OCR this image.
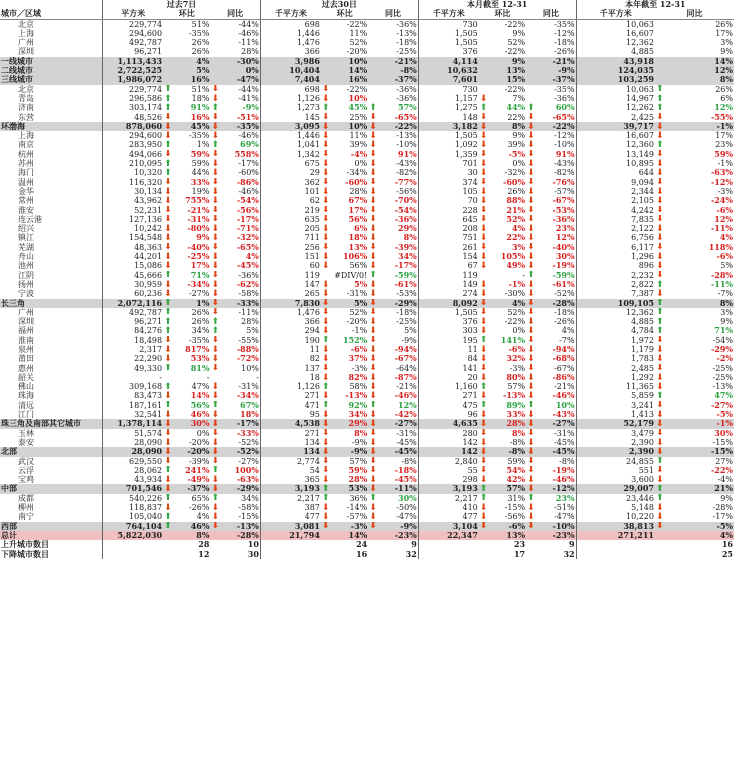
	过去7日			过去30日			本月截至 12-31			本年截至 12-31	
城市／区域	平方米	环比	同比	千平方米	环比	同比	千平方米	环比	同比	千平方米	同比
北京	229,774	51%	-44%	698	-22%	-36%	730	-22%	-35%	10,063	26%

上海	294,600	-35%	-46%	1,446	11%	-13%	1,505	9%	-12%	16,607	17%

广州	492,787	26%	-11%	1,476	52%	-18%	1,505	52%	-18%	12,362	3%

深圳	96,271	26%	28%	366	-20%	-25%	376	-22%	-26%	4,885	9%

一线城市	1,113,433	4%	-30%	3,986	10%	-21%	4,114	9%	-21%	43,918	14%

二线城市	2,722,525	5%	0%	10,404	14%	-8%	10,632	13%	-9%	124,035	12%

三线城市	1,986,072	16%	-47%	7,404	16%	-37%	7,601	15%	-37%	103,259	8%

北京	229,774	⬆ 51%	⬇ -44%	698	⬇ -22%	-36%	730	-22%	-35%	10,063	⬆ 26%

青岛	296,586	⬆ 18%	⬇ -41%	1,126	⬇ 10%	-36%	1,157	⬇ 7%	-36%	14,967	⬆ 6%

济南	303,174	⬆ 91%	⬆ -9%	1,273	⬆ 45%	⬆ 57%	1,275	⬆ 44%	⬆ 60%	12,262	⬆ 12%

东营	48,526	⬇ 16%	⬇ -51%	145	⬇ 25%	⬇ -65%	148	⬇ 22%	⬇ -65%	2,425	⬇ -55%

环渤海	878,060	⬇ 45%	⬇ -35%	3,095	⬇ 10%	⬇ -22%	3,182	⬇ 8%	⬇ -22%	39,717	⬇ -1%

上海	294,600	⬇ -35%	⬇ -46%	1,446	⬇ 11%	⬇ -13%	1,505	⬇ 9%	⬇ -12%	16,607	⬇ 17%

南京	283,950	⬆ 1%	⬆ 69%	1,041	⬇ 39%	⬇ -10%	1,092	⬇ 39%	⬇ -10%	12,360	⬆ 23%

杭州	494,066	⬇ 59%	⬇ 558%	1,342	⬇ -4%	⬇ 91%	1,359	⬇ -5%	⬇ 91%	13,149	⬇ 59%

苏州	210,095	⬆ 59%	⬇ -17%	675	⬇ 0%	⬇ -43%	701	⬇ 0%	⬇ -43%	10,895	⬇ -1%

海门	10,320	⬆ 44%	⬇ -60%	29	⬇ -34%	⬇ -82%	30	⬇ -32%	⬇ -82%	644	⬇ -63%

温州	116,320	⬇ 33%	⬇ -86%	362	⬇ -60%	⬇ -77%	374	⬇ -60%	⬇ -76%	9,094	⬇ -12%

金华	30,134	⬇ 19%	⬇ -46%	101	⬇ 28%	⬇ -56%	105	⬇ 26%	⬇ -57%	2,344	⬇ -3%

常州	43,962	⬇ 755%	⬇ -54%	62	⬇ 67%	⬇ -70%	70	⬇ 88%	⬇ -67%	2,105	⬇ -24%

淮安	52,231	⬇ -21%	⬇ -56%	219	⬇ 17%	⬇ -54%	228	⬇ 21%	⬇ -53%	4,242	⬇ -6%

连云港	127,136	⬇ -31%	⬇ -17%	635	⬇ 56%	⬇ -36%	645	⬇ 52%	⬇ -36%	7,835	⬇ 12%

绍兴	10,242	⬇ -80%	⬇ -71%	205	⬇ 6%	⬇ 29%	208	⬇ 4%	⬇ 23%	2,122	⬇ -11%

镇江	154,548	⬇ 9%	⬇ -32%	711	⬇ 18%	⬇ 8%	751	⬇ 22%	⬇ 12%	6,756	⬇ 4%

芜湖	48,363	⬇ -40%	⬇ -65%	256	⬇ 13%	⬇ -39%	261	⬇ 3%	⬇ -40%	6,117	⬇ 118%

舟山	44,201	⬇ -25%	⬇ 4%	151	⬇ 106%	⬇ 34%	154	⬇ 105%	⬇ 30%	1,296	⬇ -6%

池州	15,086	⬇ 17%	⬇ -45%	60	⬇ 56%	⬇ -17%	67	⬇ 49%	⬇ -19%	896	⬇ 5%

江阴	45,666	⬆ 71%	⬇ -36%	119	#DIV/0!	⬆ -59%	119	-	⬆ -59%	2,232	⬇ -28%

扬州	30,959	⬇ -34%	⬇ -62%	147	⬇ 5%	⬇ -61%	149	⬇ -1%	⬇ -61%	2,822	⬆ -11%

宁波	60,236	⬇ -27%	⬇ -58%	265	⬇ -31%	⬇ -53%	274	⬇ -30%	⬇ -52%	7,387	⬇ -7%

长三角	2,072,116	⬆ 1%	⬇ -33%	7,830	⬇ 5%	⬇ -29%	8,092	⬇ 4%	⬇ -28%	109,105	⬆ 8%

广州	492,787	⬆ 26%	⬇ -11%	1,476	⬇ 52%	⬇ -18%	1,505	⬇ 52%	⬇ -18%	12,362	⬆ 3%

深圳	96,271	⬆ 26%	⬆ 28%	366	⬇ -20%	⬇ -25%	376	⬇ -22%	⬇ -26%	4,885	⬆ 9%

福州	84,276	⬆ 34%	⬆ 5%	294	⬇ -1%	⬇ 5%	303	⬇ 0%	⬇ 4%	4,784	⬆ 71%

淮南	18,498	⬇ -35%	⬇ -55%	190	⬆ 152%	⬇ -9%	195	⬆ 141%	⬇ -7%	1,972	⬇ -54%

泉州	2,317	⬇ 817%	⬇ -88%	11	⬇ -6%	⬇ -94%	11	⬇ -6%	⬇ -94%	1,179	⬇ -29%

莆田	22,290	⬇ 53%	⬇ -72%	82	⬇ 37%	⬇ -67%	84	⬇ 32%	⬇ -68%	1,783	⬇ -2%

惠州	49,330	⬆ 81%	⬇ 10%	137	⬇ -3%	⬇ -64%	141	⬇ -3%	⬇ -67%	2,485	⬇ -25%

韶关	-	-	-	18	⬇ 82%	⬇ -87%	20	⬇ 80%	⬇ -86%	1,292	⬇ -25%

佛山	309,168	⬆ 47%	⬇ -31%	1,126	⬆ 58%	⬇ -21%	1,160	⬆ 57%	⬇ -21%	11,365	⬇ -13%

珠海	83,473	⬇ 14%	⬇ -34%	271	⬇ -13%	⬇ -46%	271	⬇ -13%	⬇ -46%	5,859	⬆ 47%

清远	187,161	⬆ 56%	⬆ 67%	471	⬆ 92%	⬆ 12%	475	⬆ 89%	⬆ 10%	3,241	⬇ -27%

江门	32,541	⬇ 46%	⬇ 18%	95	⬇ 34%	⬇ -42%	96	⬇ 33%	⬇ -43%	1,413	⬇ -5%

珠三角及南部其它城市	1,378,114	⬇ 30%	⬇ -17%	4,538	⬇ 29%	⬇ -27%	4,635	⬇ 28%	⬇ -27%	52,179	⬇ -1%

玉林	51,574	⬇ 0%	⬇ -33%	271	⬇ 8%	⬇ -31%	280	⬇ 8%	⬇ -31%	3,479	⬇ 30%

泰安	28,090	⬇ -20%	⬇ -52%	134	⬇ -9%	⬇ -45%	142	⬇ -8%	⬇ -45%	2,390	⬇ -15%

北部	28,090	⬇ -20%	⬇ -52%	134	⬇ -9%	⬇ -45%	142	⬇ -8%	⬇ -45%	2,390	⬇ -15%

武汉	629,550	⬇ -39%	⬇ -27%	2,774	⬇ 57%	⬇ -8%	2,840	⬇ 59%	⬇ -8%	24,855	⬆ 27%

云浮	28,062	⬆ 241%	⬆ 100%	54	⬇ 59%	⬇ -18%	55	⬇ 54%	⬇ -19%	551	⬇ -22%

宝鸡	43,934	⬇ -49%	⬇ -63%	365	⬇ 28%	⬇ -45%	298	⬇ 42%	⬇ -46%	3,600	⬇ -4%

中部	701,546	⬇ -37%	⬇ -29%	3,193	⬆ 53%	⬇ -11%	3,193	⬆ 57%	⬇ -12%	29,007	⬆ 21%

成都	540,226	⬆ 65%	⬆ 34%	2,217	⬆ 36%	⬆ 30%	2,217	⬆ 31%	⬆ 23%	23,446	⬆ 9%

柳州	118,837	⬇ -26%	⬇ -58%	387	⬇ -14%	⬇ -50%	410	⬇ -15%	⬇ -51%	5,148	⬇ -28%

南宁	105,040	⬆ 4%	⬇ -15%	477	⬇ -57%	⬇ -47%	477	⬇ -56%	⬇ -47%	10,220	⬇ -17%

西部	764,104	⬆ 46%	⬇ -13%	3,081	⬇ -3%	⬇ -9%	3,104	⬇ -6%	⬇ -10%	38,813	⬇ -5%

总计	5,822,030	8%	-28%	21,794	14%	-23%	22,347	13%	-23%	271,211	4%

上升城市数目		28	10		24	9		23	9		16
下降城市数目		12	30		16	32		17	32		25
